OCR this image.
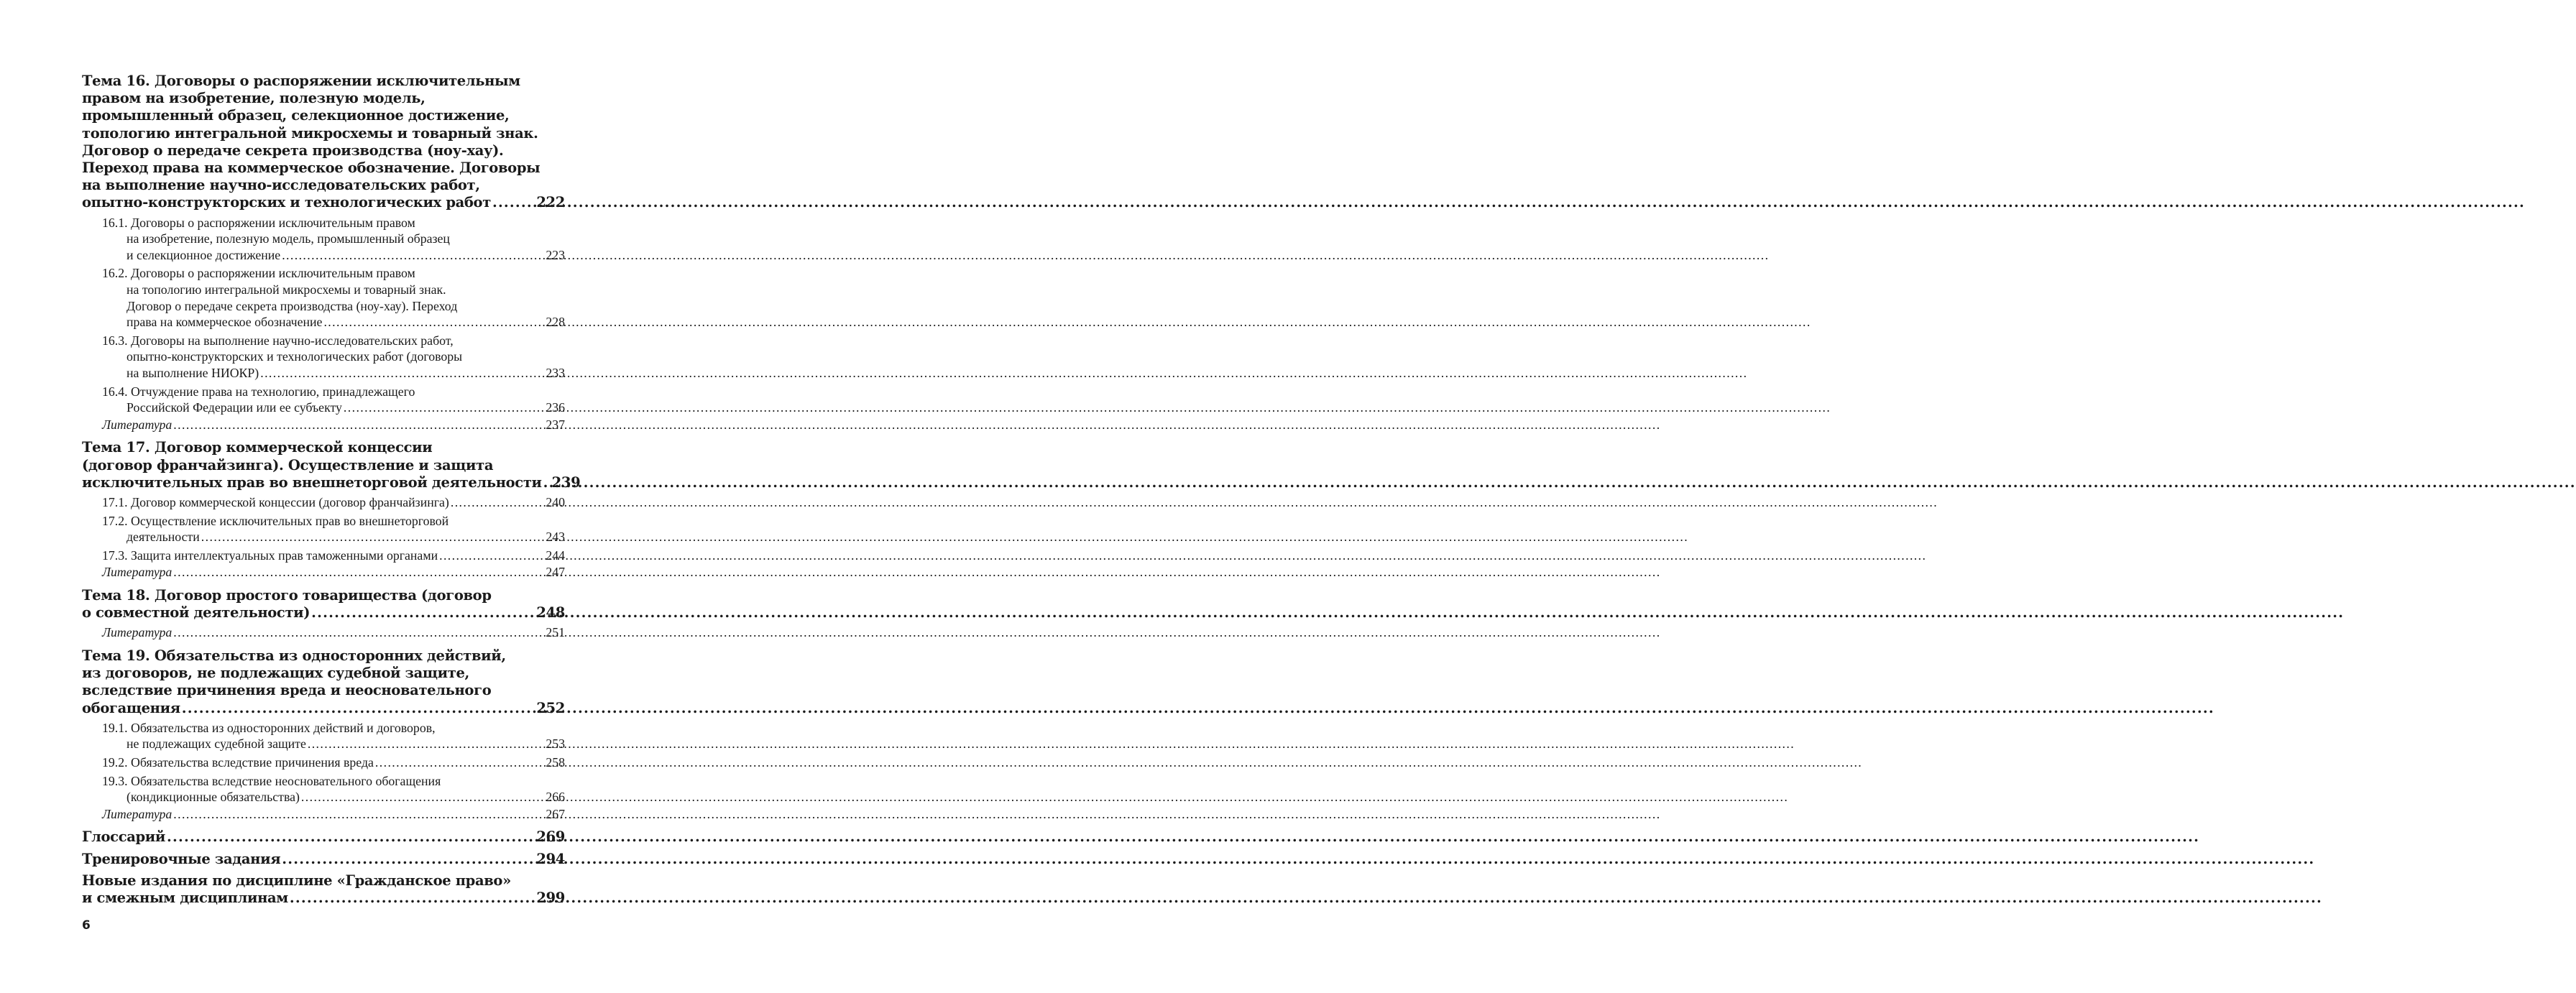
Тема 16. Договоры о распоряжении исключительным
правом на изобретение, полезную модель,
промышленный образец, селекционное достижение,
топологию интегральной микросхемы и товарный знак.
Договор о передаче секрета производства (ноу-хау).
Переход права на коммерческое обозначение. Договоры
на выполнение научно-исследовательских работ,
опытно-конструкторских и технологических работ .....	222
16.1. Договоры о распоряжении исключительным правом
на изобретение, полезную модель, промышленный образец
и селекционное достижение .....	223
16.2. Договоры о распоряжении исключительным правом
на топологию интегральной микросхемы и товарный знак.
Договор о передаче секрета производства (ноу-хау). Переход
права на коммерческое обозначение .....	228
16.3. Договоры на выполнение научно-исследовательских работ,
опытно-конструкторских и технологических работ (договоры
на выполнение НИОКР) .....	233
16.4. Отчуждение права на технологию, принадлежащего
Российской Федерации или ее субъекту .....	236
Литература .....	237
Тема 17. Договор коммерческой концессии
(договор франчайзинга). Осуществление и защита
исключительных прав во внешнеторговой деятельности ..... 239
17.1. Договор коммерческой концессии (договор франчайзинга) .....	240
17.2. Осуществление исключительных прав во внешнеторговой
деятельности .....	243
17.3. Защита интеллектуальных прав таможенными органами .....	244
Литература .....	247
Тема 18. Договор простого товарищества (договор
о совместной деятельности) .....	248
Литература .....	251
Тема 19. Обязательства из односторонних действий,
из договоров, не подлежащих судебной защите,
вследствие причинения вреда и неосновательного
обогащения .....	252
19.1. Обязательства из односторонних действий и договоров,
не подлежащих судебной защите .....	253
19.2. Обязательства вследствие причинения вреда .....	258
19.3. Обязательства вследствие неосновательного обогащения
(кондикционные обязательства) .....	266
Литература .....	267
Глоссарий .....	269
Тренировочные задания .....	294
Новые издания по дисциплине «Гражданское право»
и смежным дисциплинам .....	299
6
